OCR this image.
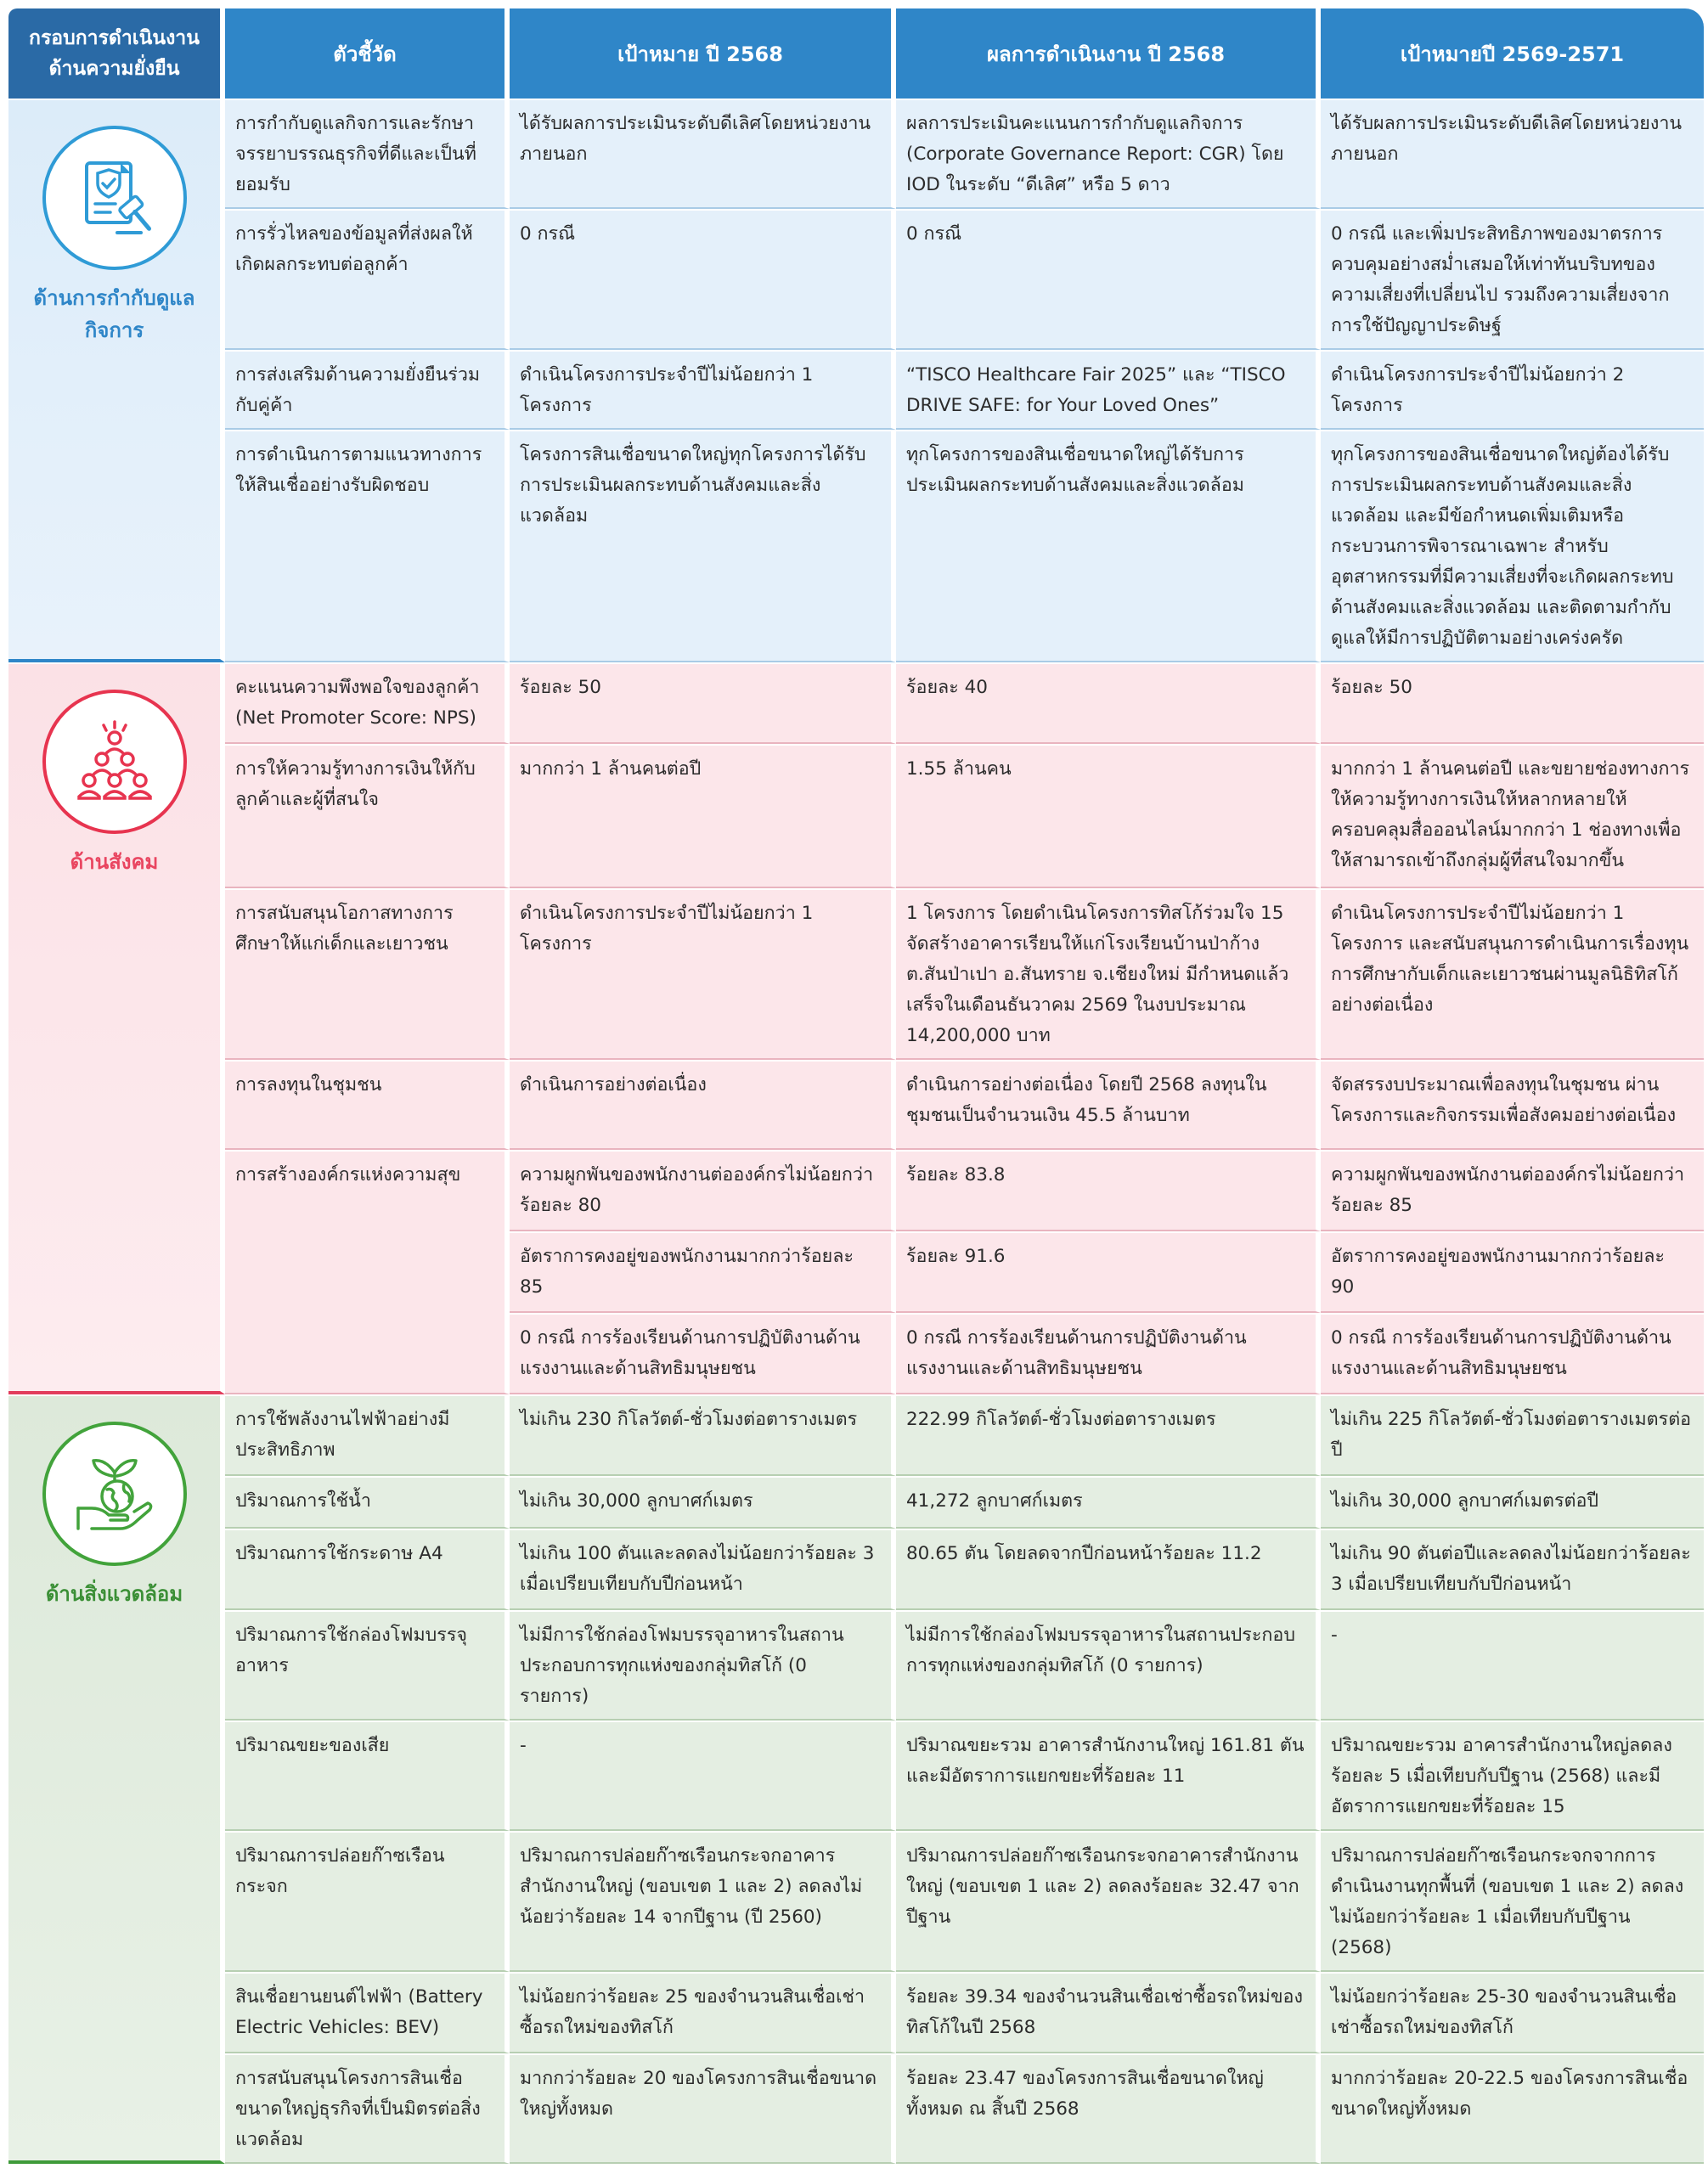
กรอบการดำเนินงาน ด้านความยั่งยืน	ตัวชี้วัด	เป้าหมาย ปี 2568	ผลการดำเนินงาน ปี 2568	เป้าหมายปี 2569-2571

ด้านการกำกับดูแลกิจการ	การกำกับดูแลกิจการและรักษาจรรยาบรรณธุรกิจที่ดีและเป็นที่ยอมรับ	ได้รับผลการประเมินระดับดีเลิศโดยหน่วยงานภายนอก	ผลการประเมินคะแนนการกำกับดูแลกิจการ (Corporate Governance Report: CGR) โดย IOD ในระดับ “ดีเลิศ” หรือ 5 ดาว	ได้รับผลการประเมินระดับดีเลิศโดยหน่วยงานภายนอก
	การรั่วไหลของข้อมูลที่ส่งผลให้เกิดผลกระทบต่อลูกค้า	0 กรณี	0 กรณี	0 กรณี และเพิ่มประสิทธิภาพของมาตรการควบคุมอย่างสม่ำเสมอให้เท่าทันบริบทของความเสี่ยงที่เปลี่ยนไป รวมถึงความเสี่ยงจากการใช้ปัญญาประดิษฐ์
	การส่งเสริมด้านความยั่งยืนร่วมกับคู่ค้า	ดำเนินโครงการประจำปีไม่น้อยกว่า 1 โครงการ	“TISCO Healthcare Fair 2025” และ “TISCO DRIVE SAFE: for Your Loved Ones”	ดำเนินโครงการประจำปีไม่น้อยกว่า 2 โครงการ
	การดำเนินการตามแนวทางการให้สินเชื่ออย่างรับผิดชอบ	โครงการสินเชื่อขนาดใหญ่ทุกโครงการได้รับการประเมินผลกระทบด้านสังคมและสิ่งแวดล้อม	ทุกโครงการของสินเชื่อขนาดใหญ่ได้รับการประเมินผลกระทบด้านสังคมและสิ่งแวดล้อม	ทุกโครงการของสินเชื่อขนาดใหญ่ต้องได้รับการประเมินผลกระทบด้านสังคมและสิ่งแวดล้อม และมีข้อกำหนดเพิ่มเติมหรือกระบวนการพิจารณาเฉพาะ สำหรับอุตสาหกรรมที่มีความเสี่ยงที่จะเกิดผลกระทบด้านสังคมและสิ่งแวดล้อม และติดตามกำกับดูแลให้มีการปฏิบัติตามอย่างเคร่งครัด

ด้านสังคม	คะแนนความพึงพอใจของลูกค้า (Net Promoter Score: NPS)	ร้อยละ 50	ร้อยละ 40	ร้อยละ 50
	การให้ความรู้ทางการเงินให้กับลูกค้าและผู้ที่สนใจ	มากกว่า 1 ล้านคนต่อปี	1.55 ล้านคน	มากกว่า 1 ล้านคนต่อปี และขยายช่องทางการให้ความรู้ทางการเงินให้หลากหลายให้ครอบคลุมสื่อออนไลน์มากกว่า 1 ช่องทางเพื่อให้สามารถเข้าถึงกลุ่มผู้ที่สนใจมากขึ้น
	การสนับสนุนโอกาสทางการศึกษาให้แก่เด็กและเยาวชน	ดำเนินโครงการประจำปีไม่น้อยกว่า 1 โครงการ	1 โครงการ โดยดำเนินโครงการทิสโก้ร่วมใจ 15 จัดสร้างอาคารเรียนให้แก่โรงเรียนบ้านป่าก้าง ต.สันป่าเปา อ.สันทราย จ.เชียงใหม่ มีกำหนดแล้วเสร็จในเดือนธันวาคม 2569 ในงบประมาณ 14,200,000 บาท	ดำเนินโครงการประจำปีไม่น้อยกว่า 1 โครงการ และสนับสนุนการดำเนินการเรื่องทุนการศึกษากับเด็กและเยาวชนผ่านมูลนิธิทิสโก้อย่างต่อเนื่อง
	การลงทุนในชุมชน	ดำเนินการอย่างต่อเนื่อง	ดำเนินการอย่างต่อเนื่อง โดยปี 2568 ลงทุนในชุมชนเป็นจำนวนเงิน 45.5 ล้านบาท	จัดสรรงบประมาณเพื่อลงทุนในชุมชน ผ่านโครงการและกิจกรรมเพื่อสังคมอย่างต่อเนื่อง
	การสร้างองค์กรแห่งความสุข	ความผูกพันของพนักงานต่อองค์กรไม่น้อยกว่าร้อยละ 80	ร้อยละ 83.8	ความผูกพันของพนักงานต่อองค์กรไม่น้อยกว่าร้อยละ 85
		อัตราการคงอยู่ของพนักงานมากกว่าร้อยละ 85	ร้อยละ 91.6	อัตราการคงอยู่ของพนักงานมากกว่าร้อยละ 90
		0 กรณี การร้องเรียนด้านการปฏิบัติงานด้านแรงงานและด้านสิทธิมนุษยชน	0 กรณี การร้องเรียนด้านการปฏิบัติงานด้านแรงงานและด้านสิทธิมนุษยชน	0 กรณี การร้องเรียนด้านการปฏิบัติงานด้านแรงงานและด้านสิทธิมนุษยชน

ด้านสิ่งแวดล้อม	การใช้พลังงานไฟฟ้าอย่างมีประสิทธิภาพ	ไม่เกิน 230 กิโลวัตต์-ชั่วโมงต่อตารางเมตร	222.99 กิโลวัตต์-ชั่วโมงต่อตารางเมตร	ไม่เกิน 225 กิโลวัตต์-ชั่วโมงต่อตารางเมตรต่อปี
	ปริมาณการใช้น้ำ	ไม่เกิน 30,000 ลูกบาศก์เมตร	41,272 ลูกบาศก์เมตร	ไม่เกิน 30,000 ลูกบาศก์เมตรต่อปี
	ปริมาณการใช้กระดาษ A4	ไม่เกิน 100 ตันและลดลงไม่น้อยกว่าร้อยละ 3 เมื่อเปรียบเทียบกับปีก่อนหน้า	80.65 ตัน โดยลดจากปีก่อนหน้าร้อยละ 11.2	ไม่เกิน 90 ตันต่อปีและลดลงไม่น้อยกว่าร้อยละ 3 เมื่อเปรียบเทียบกับปีก่อนหน้า
	ปริมาณการใช้กล่องโฟมบรรจุอาหาร	ไม่มีการใช้กล่องโฟมบรรจุอาหารในสถานประกอบการทุกแห่งของกลุ่มทิสโก้ (0 รายการ)	ไม่มีการใช้กล่องโฟมบรรจุอาหารในสถานประกอบการทุกแห่งของกลุ่มทิสโก้ (0 รายการ)	-
	ปริมาณขยะของเสีย	-	ปริมาณขยะรวม อาคารสำนักงานใหญ่ 161.81 ตัน และมีอัตราการแยกขยะที่ร้อยละ 11	ปริมาณขยะรวม อาคารสำนักงานใหญ่ลดลงร้อยละ 5 เมื่อเทียบกับปีฐาน (2568) และมีอัตราการแยกขยะที่ร้อยละ 15
	ปริมาณการปล่อยก๊าซเรือนกระจก	ปริมาณการปล่อยก๊าซเรือนกระจกอาคารสำนักงานใหญ่ (ขอบเขต 1 และ 2) ลดลงไม่น้อยว่าร้อยละ 14 จากปีฐาน (ปี 2560)	ปริมาณการปล่อยก๊าซเรือนกระจกอาคารสำนักงานใหญ่ (ขอบเขต 1 และ 2) ลดลงร้อยละ 32.47 จากปีฐาน	ปริมาณการปล่อยก๊าซเรือนกระจกจากการดำเนินงานทุกพื้นที่ (ขอบเขต 1 และ 2) ลดลงไม่น้อยกว่าร้อยละ 1 เมื่อเทียบกับปีฐาน (2568)
	สินเชื่อยานยนต์ไฟฟ้า (Battery Electric Vehicles: BEV)	ไม่น้อยกว่าร้อยละ 25 ของจำนวนสินเชื่อเช่าซื้อรถใหม่ของทิสโก้	ร้อยละ 39.34 ของจำนวนสินเชื่อเช่าซื้อรถใหม่ของทิสโก้ในปี 2568	ไม่น้อยกว่าร้อยละ 25-30 ของจำนวนสินเชื่อเช่าซื้อรถใหม่ของทิสโก้
	การสนับสนุนโครงการสินเชื่อขนาดใหญ่ธุรกิจที่เป็นมิตรต่อสิ่งแวดล้อม	มากกว่าร้อยละ 20 ของโครงการสินเชื่อขนาดใหญ่ทั้งหมด	ร้อยละ 23.47 ของโครงการสินเชื่อขนาดใหญ่ทั้งหมด ณ สิ้นปี 2568	มากกว่าร้อยละ 20-22.5 ของโครงการสินเชื่อขนาดใหญ่ทั้งหมด
